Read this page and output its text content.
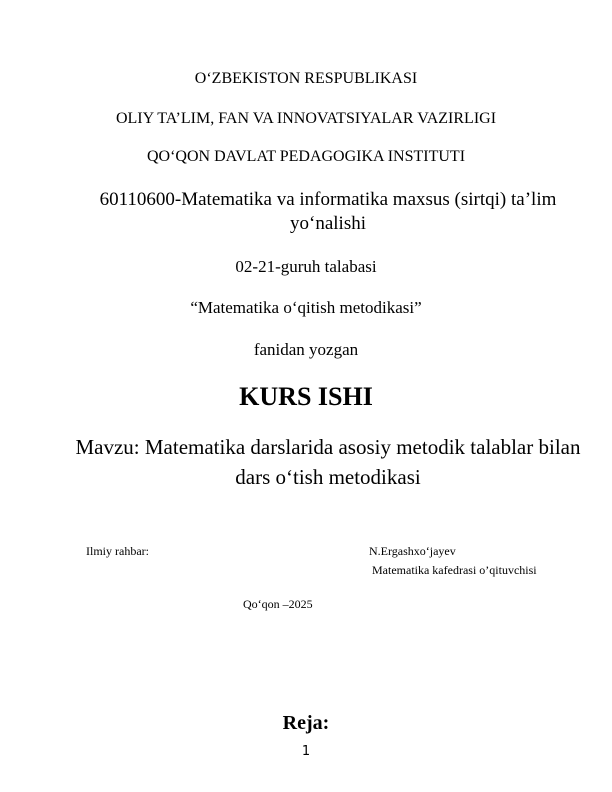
O‘ZBEKISTON RESPUBLIKASI
OLIY TA’LIM, FAN VA INNOVATSIYALAR VAZIRLIGI
QO‘QON DAVLAT PEDAGOGIKA INSTITUTI
60110600-Matematika va informatika maxsus (sirtqi) ta’lim yo‘nalishi
02-21-guruh talabasi
“Matematika o‘qitish metodikasi”
fanidan yozgan
KURS ISHI
Mavzu: Matematika darslarida asosiy metodik talablar bilan dars o‘tish metodikasi
Ilmiy rahbar:	N.Ergashxo‘jayev
Matematika kafedrasi o’qituvchisi
Qo‘qon –2025
Reja:
1
